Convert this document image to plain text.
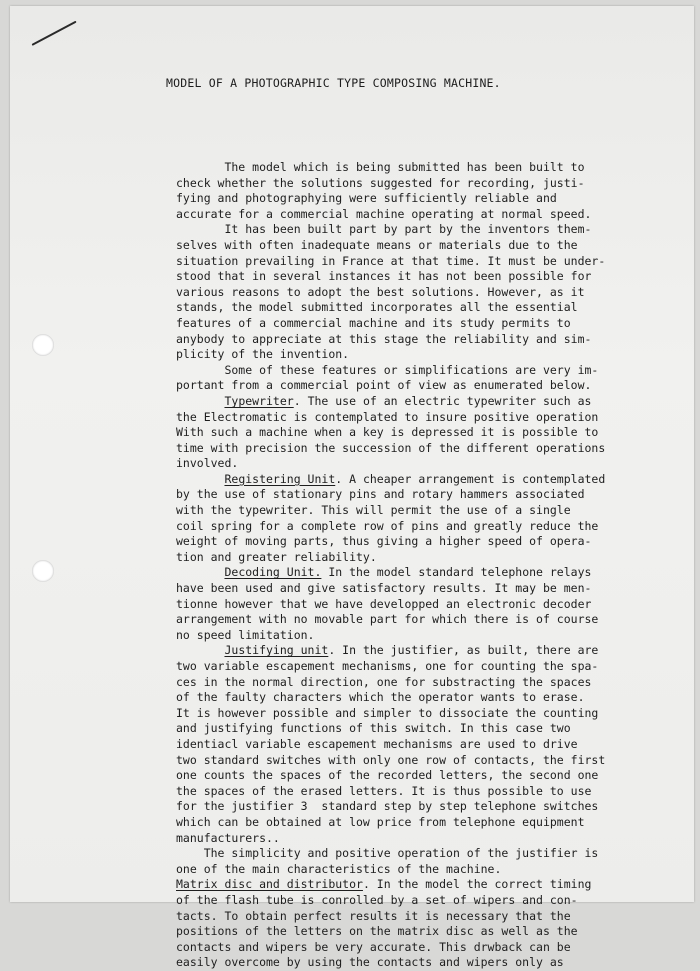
MODEL OF A PHOTOGRAPHIC TYPE COMPOSING MACHINE.

The model which is being submitted has been built to

check whether the solutions suggested for recording, justi-

fying and photographying were sufficiently reliable and

accurate for a commercial machine operating at normal speed.

It has been built part by part by the inventors them-

selves with often inadequate means or materials due to the

situation prevailing in France at that time. It must be under-

stood that in several instances it has not been possible for

various reasons to adopt the best solutions. However, as it

stands, the model submitted incorporates all the essential

features of a commercial machine and its study permits to

anybody to appreciate at this stage the reliability and sim-

plicity of the invention.

Some of these features or simplifications are very im-

portant from a commercial point of view as enumerated below.

Typewriter. The use of an electric typewriter such as

the Electromatic is contemplated to insure positive operation

With such a machine when a key is depressed it is possible to

time with precision the succession of the different operations

involved.

Registering Unit. A cheaper arrangement is contemplated

by the use of stationary pins and rotary hammers associated

with the typewriter. This will permit the use of a single

coil spring for a complete row of pins and greatly reduce the

weight of moving parts, thus giving a higher speed of opera-

tion and greater reliability.

Decoding Unit. In the model standard telephone relays

have been used and give satisfactory results. It may be men-

tionne however that we have developped an electronic decoder

arrangement with no movable part for which there is of course

no speed limitation.

Justifying unit. In the justifier, as built, there are

two variable escapement mechanisms, one for counting the spa-

ces in the normal direction, one for substracting the spaces

of the faulty characters which the operator wants to erase.

It is however possible and simpler to dissociate the counting

and justifying functions of this switch. In this case two

identiacl variable escapement mechanisms are used to drive

two standard switches with only one row of contacts, the first

one counts the spaces of the recorded letters, the second one

the spaces of the erased letters. It is thus possible to use

for the justifier 3  standard step by step telephone switches

which can be obtained at low price from telephone equipment

manufacturers..

The simplicity and positive operation of the justifier is

one of the main characteristics of the machine.

Matrix disc and distributor. In the model the correct timing

of the flash tube is conrolled by a set of wipers and con-

tacts. To obtain perfect results it is necessary that the

positions of the letters on the matrix disc as well as the

contacts and wipers be very accurate. This drwback can be

easily overcome by using the contacts and wipers only as
